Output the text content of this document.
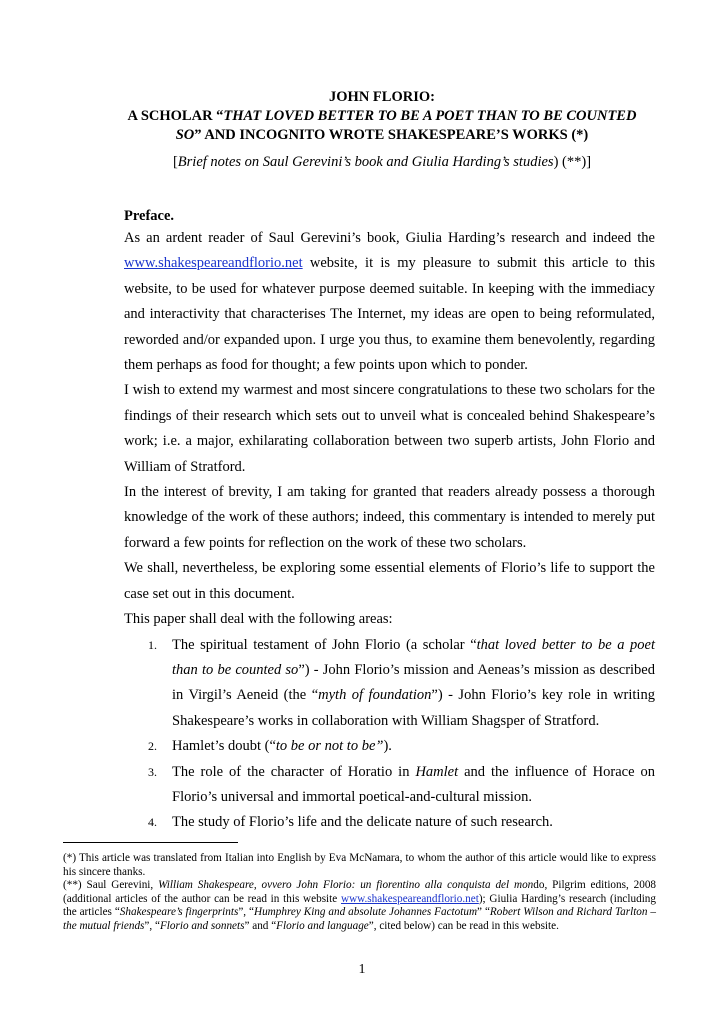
JOHN FLORIO:
A SCHOLAR “THAT LOVED BETTER TO BE A POET THAN TO BE COUNTED
SO” AND INCOGNITO WROTE SHAKESPEARE’S WORKS (*)
[Brief notes on Saul Gerevini’s book and Giulia Harding’s studies) (**)]

Preface.

As an ardent reader of Saul Gerevini’s book, Giulia Harding’s research and indeed the www.shakespeareandflorio.net website, it is my pleasure to submit this article to this website, to be used for whatever purpose deemed suitable. In keeping with the immediacy and interactivity that characterises The Internet, my ideas are open to being reformulated, reworded and/or expanded upon. I urge you thus, to examine them benevolently, regarding them perhaps as food for thought; a few points upon which to ponder.

I wish to extend my warmest and most sincere congratulations to these two scholars for the findings of their research which sets out to unveil what is concealed behind Shakespeare’s work; i.e. a major, exhilarating collaboration between two superb artists, John Florio and William of Stratford.

In the interest of brevity, I am taking for granted that readers already possess a thorough knowledge of the work of these authors; indeed, this commentary is intended to merely put forward a few points for reflection on the work of these two scholars.

We shall, nevertheless, be exploring some essential elements of Florio’s life to support the case set out in this document.

This paper shall deal with the following areas:

1. The spiritual testament of John Florio (a scholar “that loved better to be a poet than to be counted so”) - John Florio’s mission and Aeneas’s mission as described in Virgil’s Aeneid (the “myth of foundation”) - John Florio’s key role in writing Shakespeare’s works in collaboration with William Shagsper of Stratford.
2. Hamlet’s doubt (“to be or not to be”).
3. The role of the character of Horatio in Hamlet and the influence of Horace on Florio’s universal and immortal poetical-and-cultural mission.
4. The study of Florio’s life and the delicate nature of such research.

(*) This article was translated from Italian into English by Eva McNamara, to whom the author of this article would like to express his sincere thanks.

(**) Saul Gerevini, William Shakespeare, ovvero John Florio: un fiorentino alla conquista del mondo, Pilgrim editions, 2008 (additional articles of the author can be read in this website www.shakespeareandflorio.net); Giulia Harding’s research (including the articles “Shakespeare’s fingerprints”, “Humphrey King and absolute Johannes Factotum” “Robert Wilson and Richard Tarlton – the mutual friends”, “Florio and sonnets” and “Florio and language”, cited below) can be read in this website.

1
